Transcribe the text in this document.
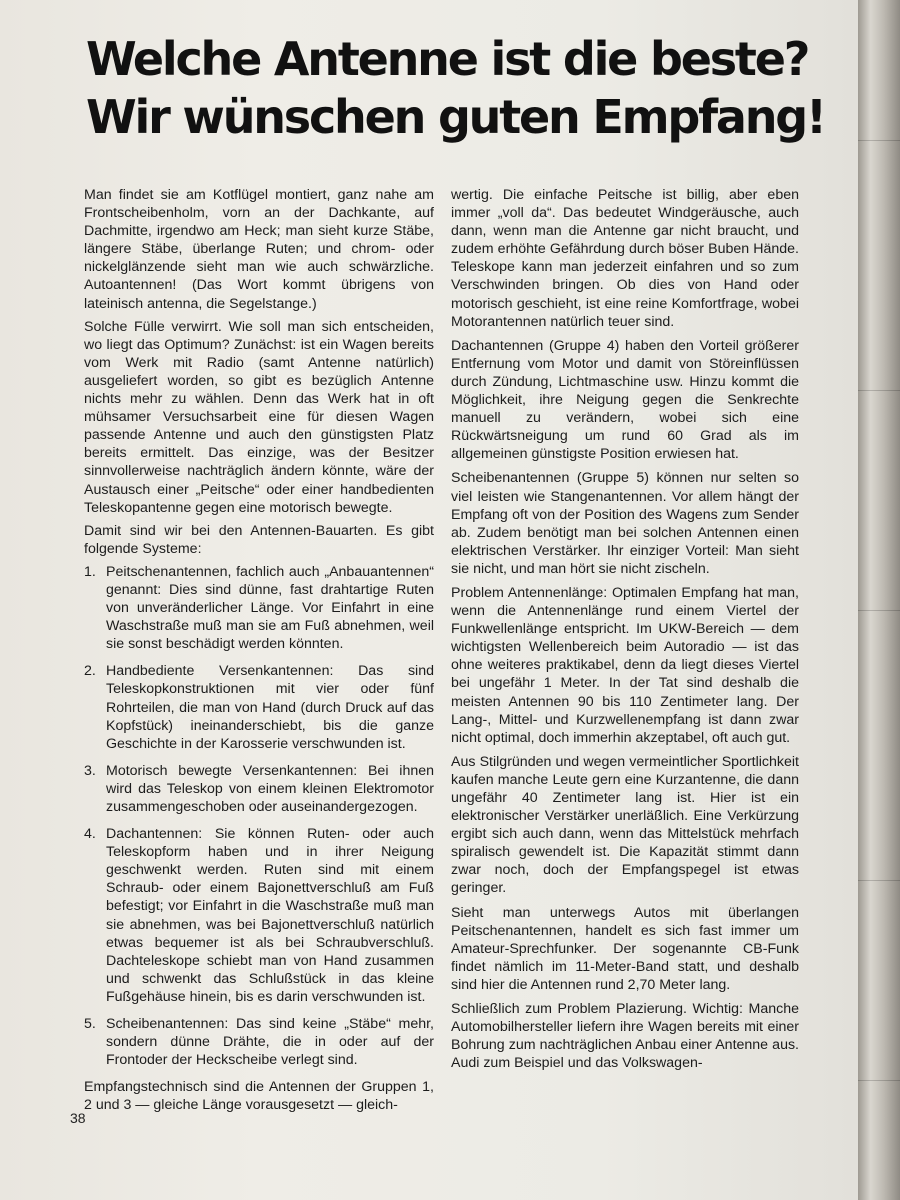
Welche Antenne ist die beste?
Wir wünschen guten Empfang!

Man findet sie am Kotflügel montiert, ganz nahe am Frontscheibenholm, vorn an der Dachkante, auf Dachmitte, irgendwo am Heck; man sieht kurze Stäbe, längere Stäbe, überlange Ruten; und chrom- oder nickelglänzende sieht man wie auch schwärzliche. Autoantennen! (Das Wort kommt übrigens von lateinisch antenna, die Segelstange.)

Solche Fülle verwirrt. Wie soll man sich entscheiden, wo liegt das Optimum? Zunächst: ist ein Wagen bereits vom Werk mit Radio (samt Antenne natürlich) ausgeliefert worden, so gibt es bezüglich Antenne nichts mehr zu wählen. Denn das Werk hat in oft mühsamer Versuchsarbeit eine für diesen Wagen passende Antenne und auch den günstigsten Platz bereits ermittelt. Das einzige, was der Besitzer sinnvollerweise nachträglich ändern könnte, wäre der Austausch einer „Peitsche“ oder einer handbedienten Teleskopantenne gegen eine motorisch bewegte.

Damit sind wir bei den Antennen-Bauarten. Es gibt folgende Systeme:

1. Peitschenantennen, fachlich auch „Anbauantennen“ genannt: Dies sind dünne, fast drahtartige Ruten von unveränderlicher Länge. Vor Einfahrt in eine Waschstraße muß man sie am Fuß abnehmen, weil sie sonst beschädigt werden könnten.
2. Handbediente Versenkantennen: Das sind Teleskopkonstruktionen mit vier oder fünf Rohrteilen, die man von Hand (durch Druck auf das Kopfstück) ineinanderschiebt, bis die ganze Geschichte in der Karosserie verschwunden ist.
3. Motorisch bewegte Versenkantennen: Bei ihnen wird das Teleskop von einem kleinen Elektromotor zusammengeschoben oder auseinandergezogen.
4. Dachantennen: Sie können Ruten- oder auch Teleskopform haben und in ihrer Neigung geschwenkt werden. Ruten sind mit einem Schraub- oder einem Bajonettverschluß am Fuß befestigt; vor Einfahrt in die Waschstraße muß man sie abnehmen, was bei Bajonettverschluß natürlich etwas bequemer ist als bei Schraubverschluß. Dachteleskope schiebt man von Hand zusammen und schwenkt das Schlußstück in das kleine Fußgehäuse hinein, bis es darin verschwunden ist.
5. Scheibenantennen: Das sind keine „Stäbe“ mehr, sondern dünne Drähte, die in oder auf der Frontoder der Heckscheibe verlegt sind.

Empfangstechnisch sind die Antennen der Gruppen 1, 2 und 3 — gleiche Länge vorausgesetzt — gleich-

wertig. Die einfache Peitsche ist billig, aber eben immer „voll da“. Das bedeutet Windgeräusche, auch dann, wenn man die Antenne gar nicht braucht, und zudem erhöhte Gefährdung durch böser Buben Hände. Teleskope kann man jederzeit einfahren und so zum Verschwinden bringen. Ob dies von Hand oder motorisch geschieht, ist eine reine Komfortfrage, wobei Motorantennen natürlich teuer sind.

Dachantennen (Gruppe 4) haben den Vorteil größerer Entfernung vom Motor und damit von Störeinflüssen durch Zündung, Lichtmaschine usw. Hinzu kommt die Möglichkeit, ihre Neigung gegen die Senkrechte manuell zu verändern, wobei sich eine Rückwärtsneigung um rund 60 Grad als im allgemeinen günstigste Position erwiesen hat.

Scheibenantennen (Gruppe 5) können nur selten so viel leisten wie Stangenantennen. Vor allem hängt der Empfang oft von der Position des Wagens zum Sender ab. Zudem benötigt man bei solchen Antennen einen elektrischen Verstärker. Ihr einziger Vorteil: Man sieht sie nicht, und man hört sie nicht zischeln.

Problem Antennenlänge: Optimalen Empfang hat man, wenn die Antennenlänge rund einem Viertel der Funkwellenlänge entspricht. Im UKW-Bereich — dem wichtigsten Wellenbereich beim Autoradio — ist das ohne weiteres praktikabel, denn da liegt dieses Viertel bei ungefähr 1 Meter. In der Tat sind deshalb die meisten Antennen 90 bis 110 Zentimeter lang. Der Lang-, Mittel- und Kurzwellenempfang ist dann zwar nicht optimal, doch immerhin akzeptabel, oft auch gut.

Aus Stilgründen und wegen vermeintlicher Sportlichkeit kaufen manche Leute gern eine Kurzantenne, die dann ungefähr 40 Zentimeter lang ist. Hier ist ein elektronischer Verstärker unerläßlich. Eine Verkürzung ergibt sich auch dann, wenn das Mittelstück mehrfach spiralisch gewendelt ist. Die Kapazität stimmt dann zwar noch, doch der Empfangspegel ist etwas geringer.

Sieht man unterwegs Autos mit überlangen Peitschenantennen, handelt es sich fast immer um Amateur-Sprechfunker. Der sogenannte CB-Funk findet nämlich im 11-Meter-Band statt, und deshalb sind hier die Antennen rund 2,70 Meter lang.

Schließlich zum Problem Plazierung. Wichtig: Manche Automobilhersteller liefern ihre Wagen bereits mit einer Bohrung zum nachträglichen Anbau einer Antenne aus. Audi zum Beispiel und das Volkswagen-

38
